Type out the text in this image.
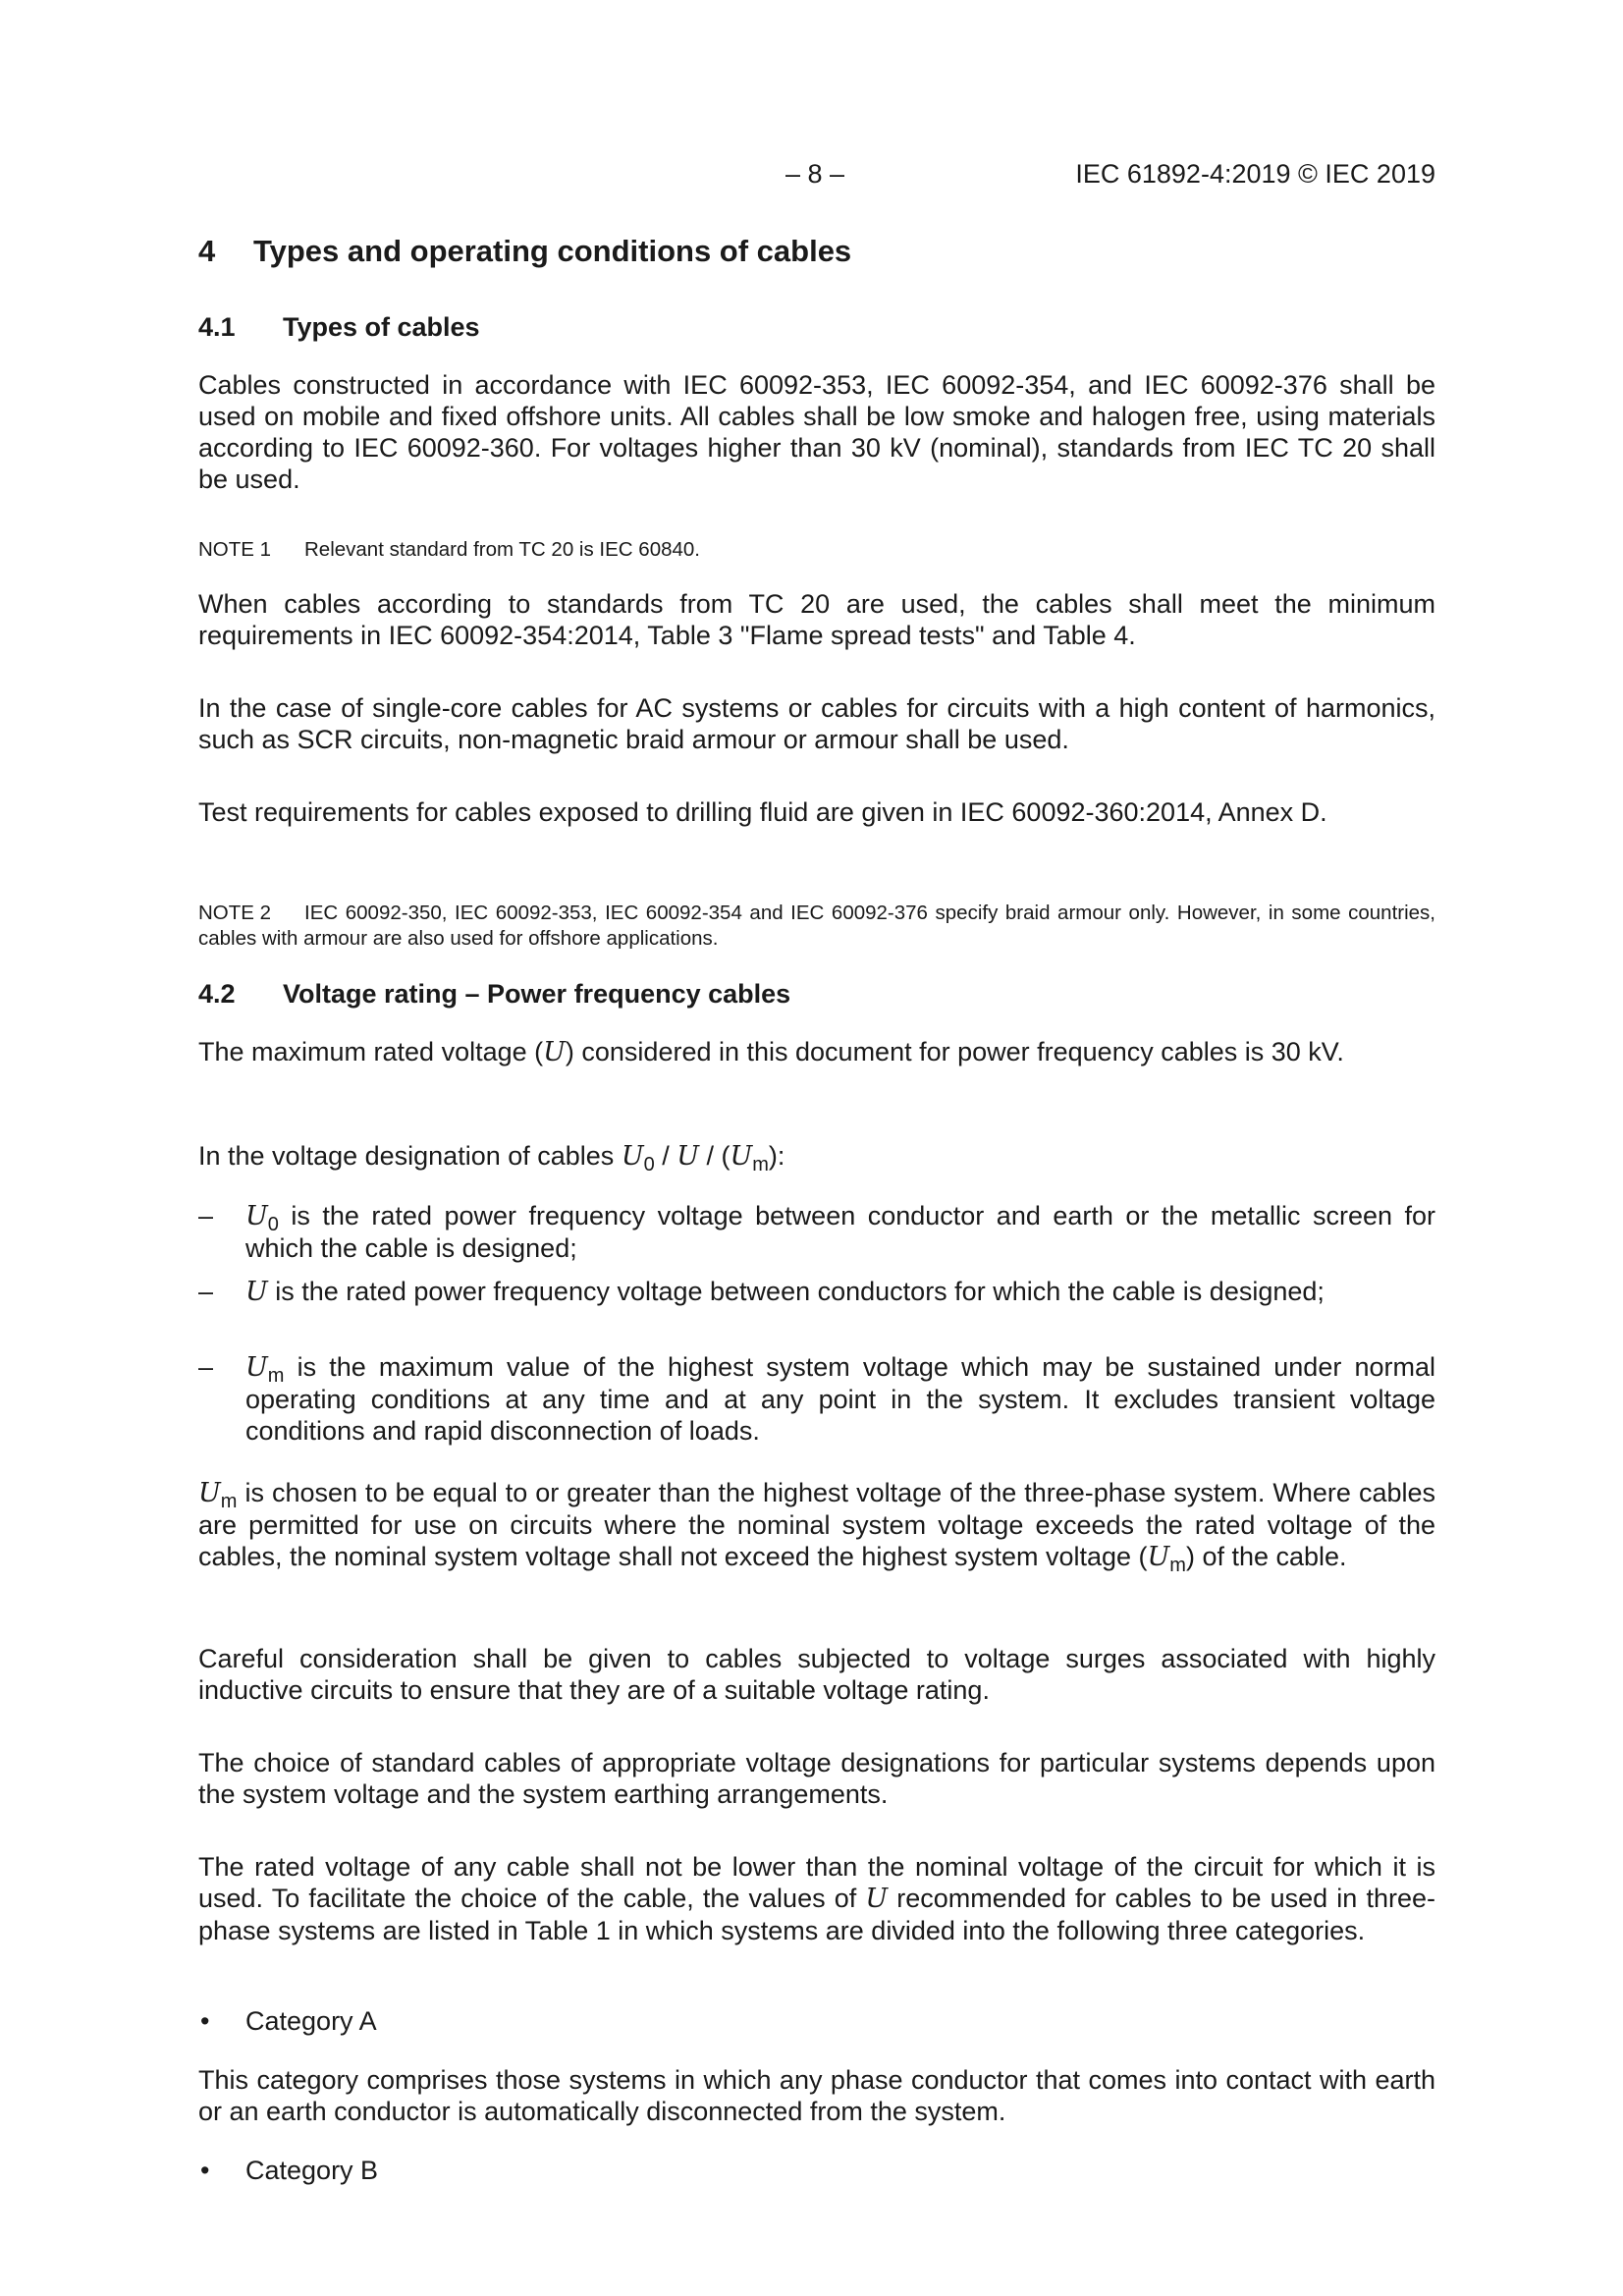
– 8 –	IEC 61892-4:2019 © IEC 2019

4 Types and operating conditions of cables

4.1 Types of cables

Cables constructed in accordance with IEC 60092-353, IEC 60092-354, and IEC 60092-376 shall be used on mobile and fixed offshore units. All cables shall be low smoke and halogen free, using materials according to IEC 60092-360. For voltages higher than 30 kV (nominal), standards from IEC TC 20 shall be used.

NOTE 1 Relevant standard from TC 20 is IEC 60840.

When cables according to standards from TC 20 are used, the cables shall meet the minimum requirements in IEC 60092-354:2014, Table 3 "Flame spread tests" and Table 4.

In the case of single-core cables for AC systems or cables for circuits with a high content of harmonics, such as SCR circuits, non-magnetic braid armour or armour shall be used.

Test requirements for cables exposed to drilling fluid are given in IEC 60092-360:2014, Annex D.

NOTE 2 IEC 60092-350, IEC 60092-353, IEC 60092-354 and IEC 60092-376 specify braid armour only. However, in some countries, cables with armour are also used for offshore applications.

4.2 Voltage rating – Power frequency cables

The maximum rated voltage (U) considered in this document for power frequency cables is 30 kV.

In the voltage designation of cables $U_0$ / U / $(U_m)$:

– $U_0$ is the rated power frequency voltage between conductor and earth or the metallic screen for which the cable is designed;

– U is the rated power frequency voltage between conductors for which the cable is designed;

– $U_m$ is the maximum value of the highest system voltage which may be sustained under normal operating conditions at any time and at any point in the system. It excludes transient voltage conditions and rapid disconnection of loads.

$U_m$ is chosen to be equal to or greater than the highest voltage of the three-phase system. Where cables are permitted for use on circuits where the nominal system voltage exceeds the rated voltage of the cables, the nominal system voltage shall not exceed the highest system voltage $(U_m)$ of the cable.

Careful consideration shall be given to cables subjected to voltage surges associated with highly inductive circuits to ensure that they are of a suitable voltage rating.

The choice of standard cables of appropriate voltage designations for particular systems depends upon the system voltage and the system earthing arrangements.

The rated voltage of any cable shall not be lower than the nominal voltage of the circuit for which it is used. To facilitate the choice of the cable, the values of U recommended for cables to be used in three-phase systems are listed in Table 1 in which systems are divided into the following three categories.

• Category A

This category comprises those systems in which any phase conductor that comes into contact with earth or an earth conductor is automatically disconnected from the system.

• Category B
